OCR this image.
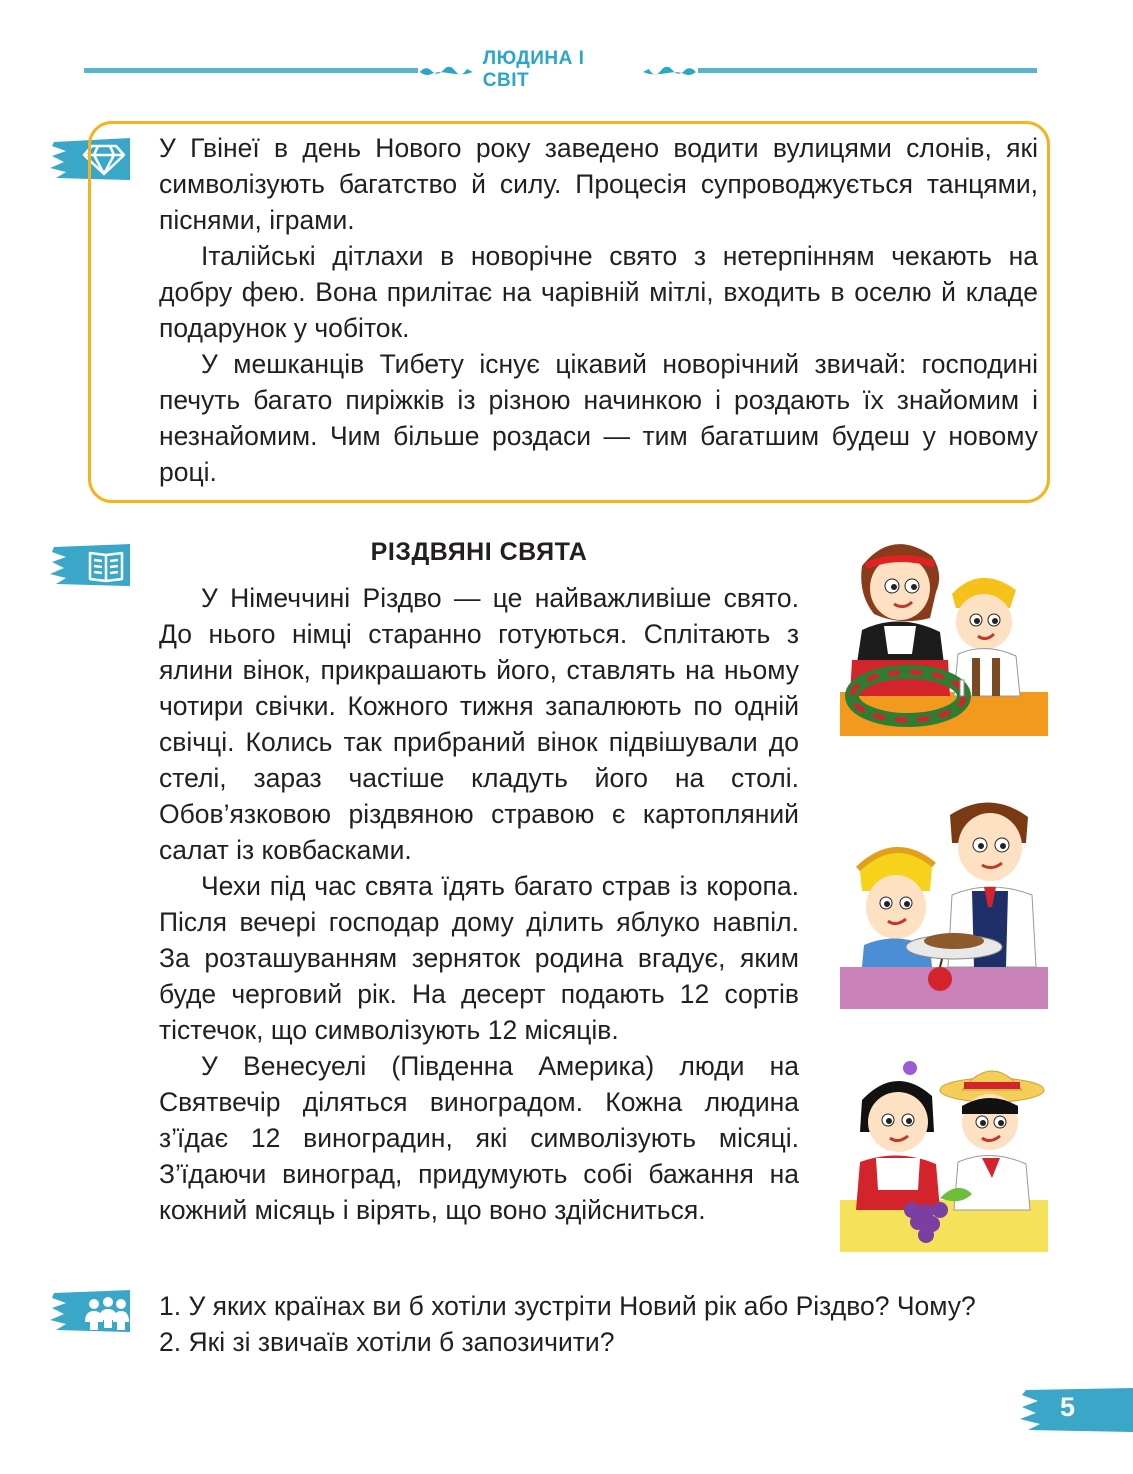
ЛЮДИНА І СВІТ

У Гвінеї в день Нового року заведено водити вулицями слонів, які символізують багатство й силу. Процесія супроводжується танцями, піснями, іграми.

Італійські дітлахи в новорічне свято з нетерпінням чекають на добру фею. Вона прилітає на чарівній мітлі, входить в оселю й кладе подарунок у чобіток.

У мешканців Тибету існує цікавий новорічний звичай: господині печуть багато пиріжків із різною начинкою і роздають їх знайомим і незнайомим. Чим більше роздаси — тим багатшим будеш у новому році.

РІЗДВЯНІ СВЯТА

У Німеччині Різдво — це найважливіше свято. До нього німці старанно готуються. Сплітають з ялини вінок, прикрашають його, ставлять на ньому чотири свічки. Кожного тижня запалюють по одній свічці. Колись так прибраний вінок підвішували до стелі, зараз частіше кладуть його на столі. Обов’язковою різдвяною стравою є картопляний салат із ковбасками.

Чехи під час свята їдять багато страв із коропа. Після вечері господар дому ділить яблуко навпіл. За розташуванням зерняток родина вгадує, яким буде черговий рік. На десерт подають 12 сортів тістечок, що символізують 12 місяців.

У Венесуелі (Південна Америка) люди на Святвечір діляться виноградом. Кожна людина з’їдає 12 виноградин, які символізують місяці. З’їдаючи виноград, придумують собі бажання на кожний місяць і вірять, що воно здійсниться.

1. У яких країнах ви б хотіли зустріти Новий рік або Різдво? Чому?

2. Які зі звичаїв хотіли б запозичити?

5
